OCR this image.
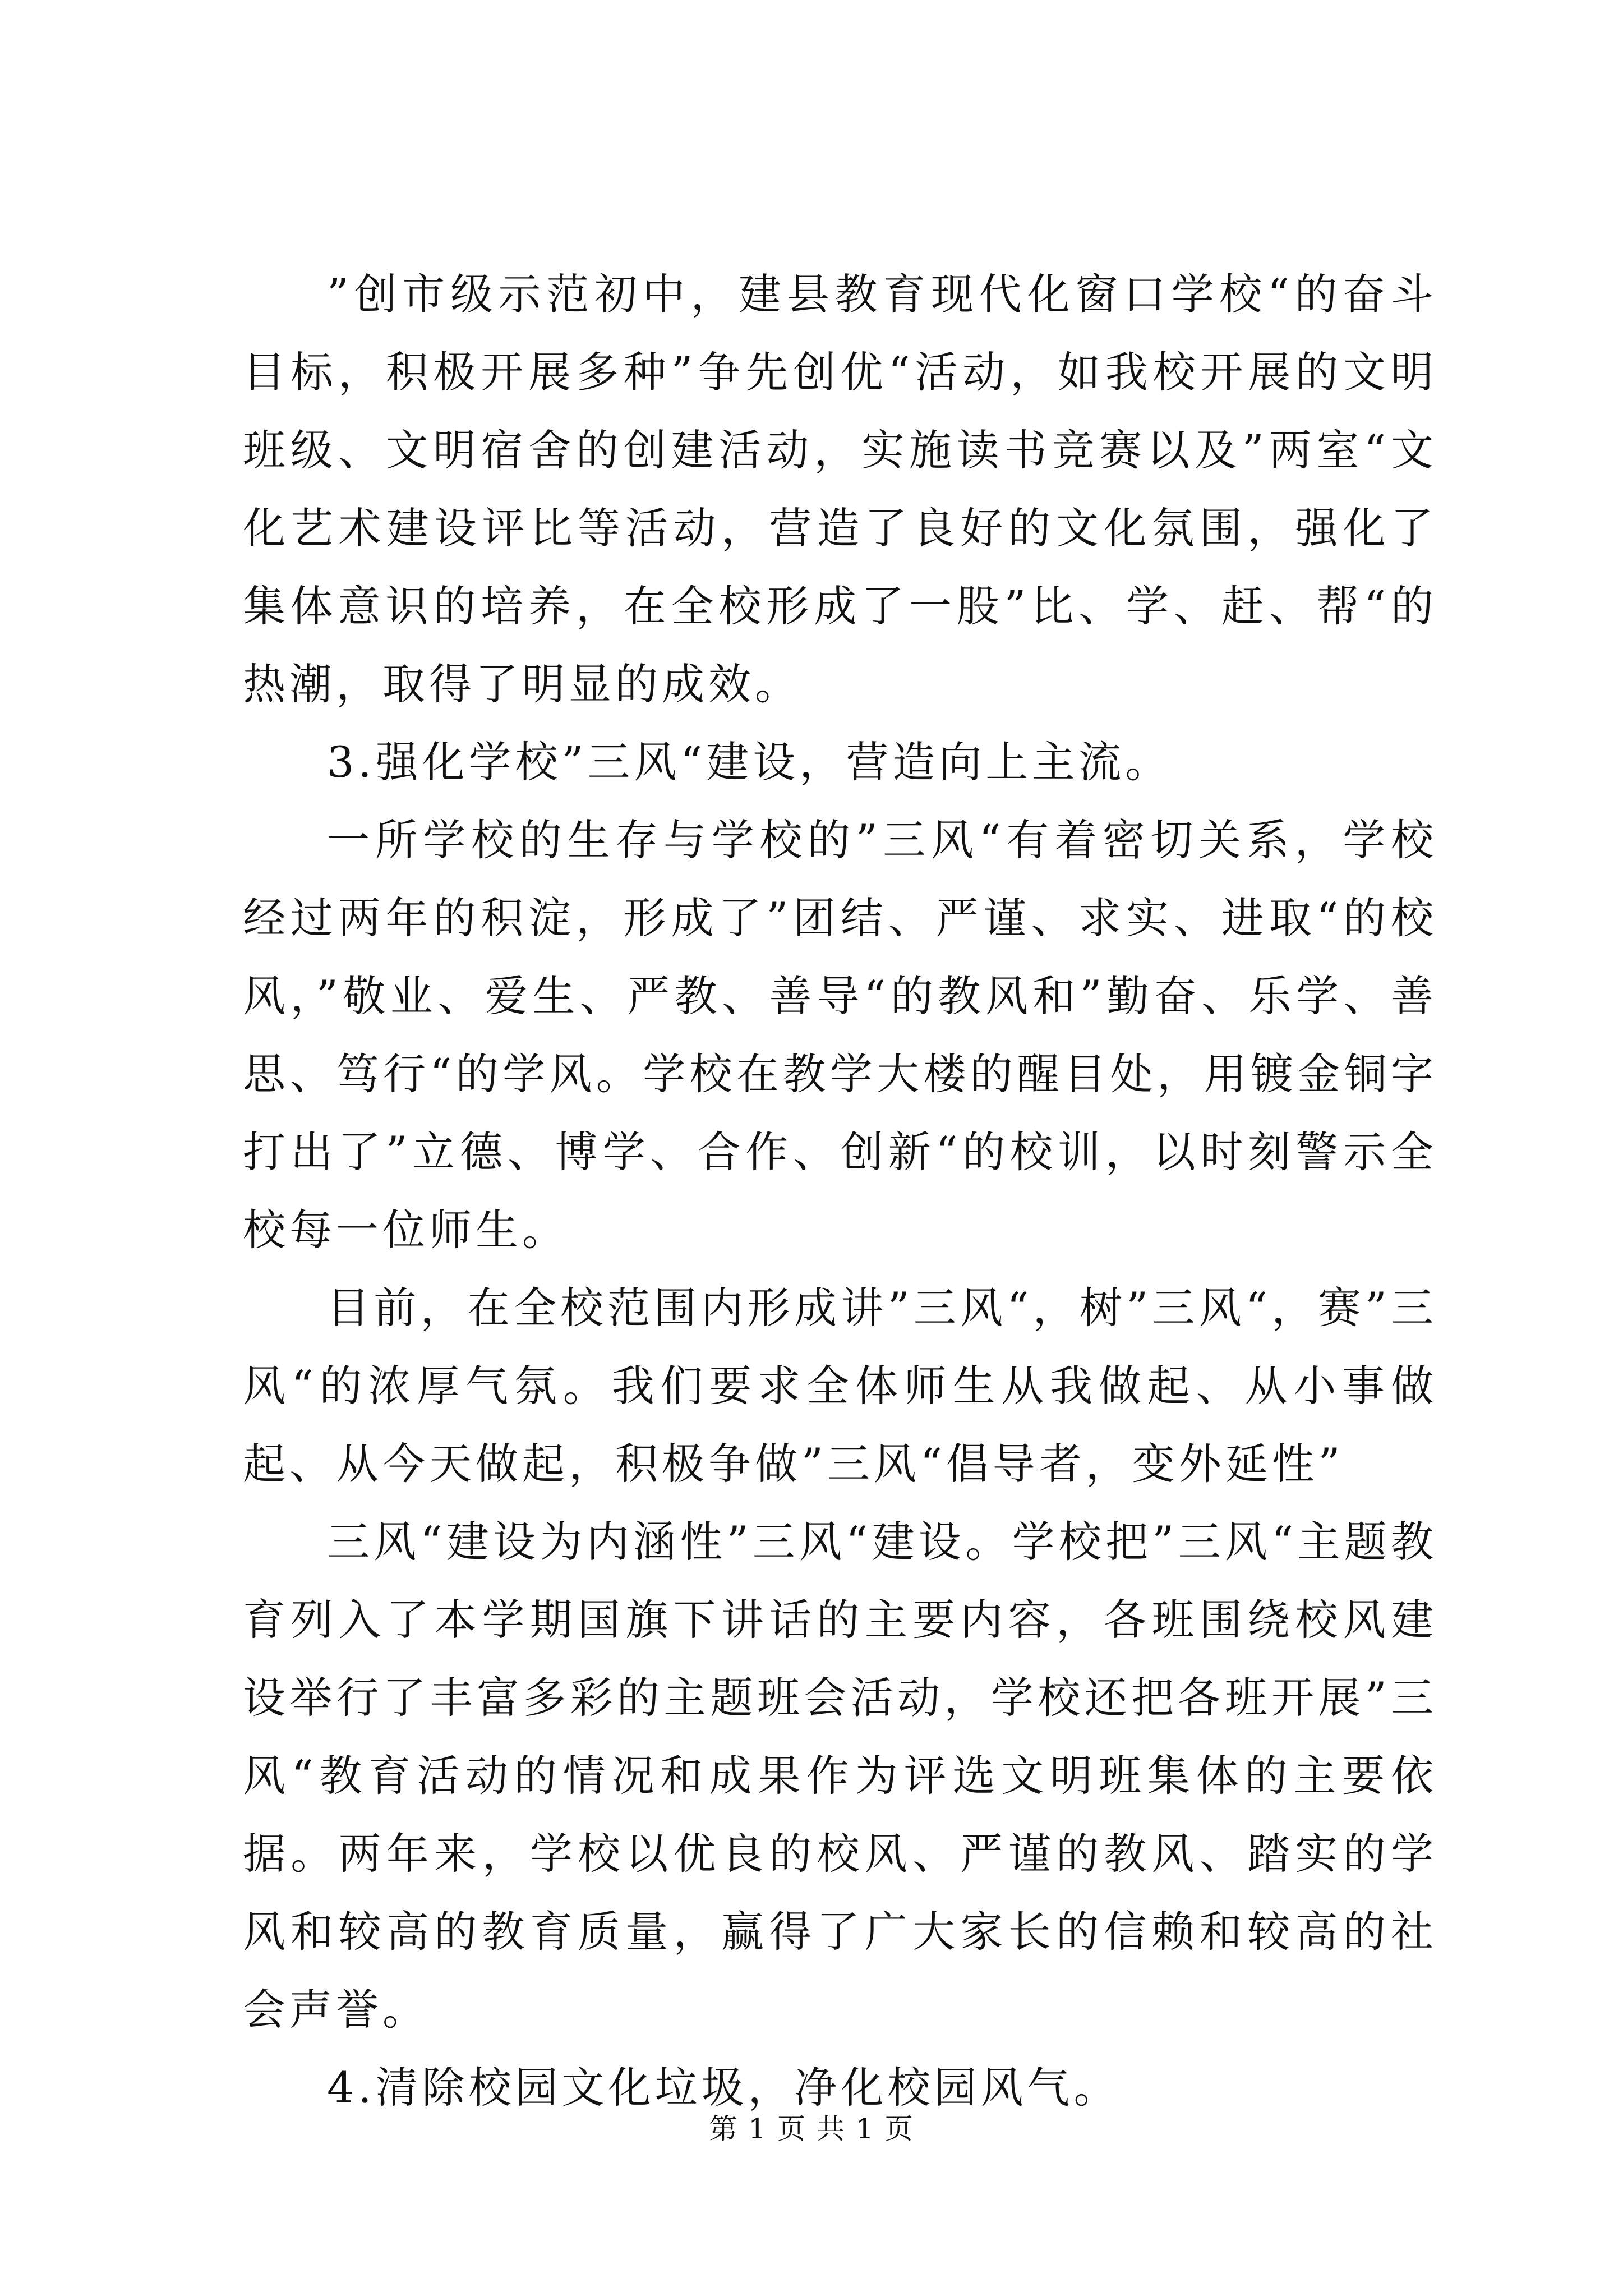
”创市级示范初中，建县教育现代化窗口学校“的奋斗目标，积极开展多种”争先创优“活动，如我校开展的文明班级、文明宿舍的创建活动，实施读书竞赛以及”两室“文化艺术建设评比等活动，营造了良好的文化氛围，强化了集体意识的培养，在全校形成了一股”比、学、赶、帮“的热潮，取得了明显的成效。

3.强化学校”三风“建设，营造向上主流。

一所学校的生存与学校的”三风“有着密切关系，学校经过两年的积淀，形成了”团结、严谨、求实、进取“的校风，”敬业、爱生、严教、善导“的教风和”勤奋、乐学、善思、笃行“的学风。学校在教学大楼的醒目处，用镀金铜字打出了”立德、博学、合作、创新“的校训，以时刻警示全校每一位师生。

目前，在全校范围内形成讲”三风“，树”三风“，赛”三风“的浓厚气氛。我们要求全体师生从我做起、从小事做起、从今天做起，积极争做”三风“倡导者，变外延性”

三风“建设为内涵性”三风“建设。学校把”三风“主题教育列入了本学期国旗下讲话的主要内容，各班围绕校风建设举行了丰富多彩的主题班会活动，学校还把各班开展”三风“教育活动的情况和成果作为评选文明班集体的主要依据。两年来，学校以优良的校风、严谨的教风、踏实的学风和较高的教育质量，赢得了广大家长的信赖和较高的社会声誉。

4.清除校园文化垃圾，净化校园风气。

第 1 页 共 1 页
